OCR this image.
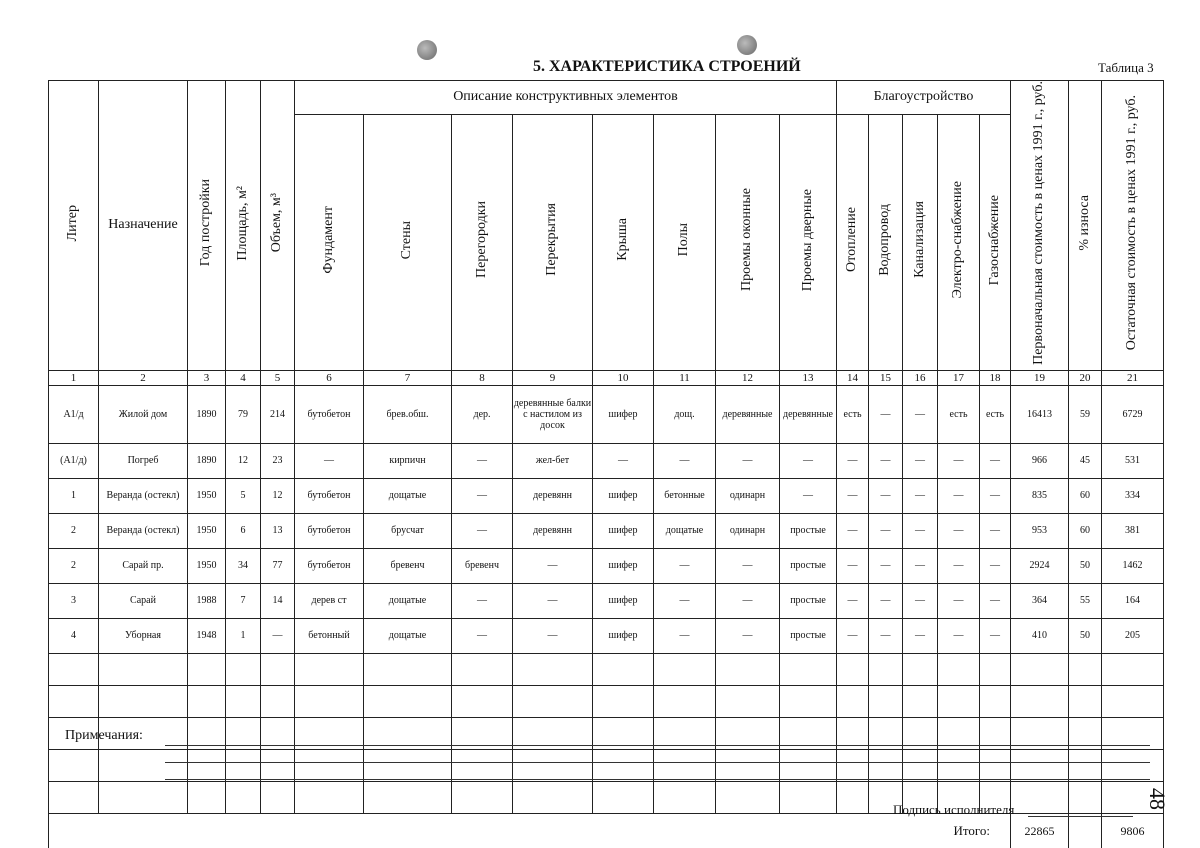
5. ХАРАКТЕРИСТИКА СТРОЕНИЙ	Таблица 3
Литер	Назначение	Год постройки	Площадь, м²	Объем, м³	Описание конструктивных элементов								Благоустройство					Первоначальная стоимость в ценах 1991 г., руб.	% износа	Остаточная стоимость в ценах 1991 г., руб.
					Фундамент	Стены	Перегородки	Перекрытия	Крыша	Полы	Проемы оконные	Проемы дверные	Отопление	Водопровод	Канализация	Электро-снабжение	Газоснабжение			
1	2	3	4	5	6	7	8	9	10	11	12	13	14	15	16	17	18	19	20	21
А1/д	Жилой дом	1890	79	214	бутобетон	брев.обш.	дер.	деревянные балки с настилом из досок	шифер	дощ.	деревянные	деревянные	есть	—	—	есть	есть	16413	59	6729
(А1/д)	Погреб	1890	12	23	—	кирпичн	—	жел-бет	—	—	—	—	—	—	—	—	—	966	45	531
1	Веранда (остекл)	1950	5	12	бутобетон	дощатые	—	деревянн	шифер	бетонные	одинарн	—	—	—	—	—	—	835	60	334
2	Веранда (остекл)	1950	6	13	бутобетон	брусчат	—	деревянн	шифер	дощатые	одинарн	простые	—	—	—	—	—	953	60	381
2	Сарай пр.	1950	34	77	бутобетон	бревенч	бревенч	—	шифер	—	—	простые	—	—	—	—	—	2924	50	1462
3	Сарай	1988	7	14	дерев ст	дощатые	—	—	шифер	—	—	простые	—	—	—	—	—	364	55	164
4	Уборная	1948	1	—	бетонный	дощатые	—	—	шифер	—	—	простые	—	—	—	—	—	410	50	205

													Итого:					22865		9806
Примечания:
Подпись исполнителя	48
